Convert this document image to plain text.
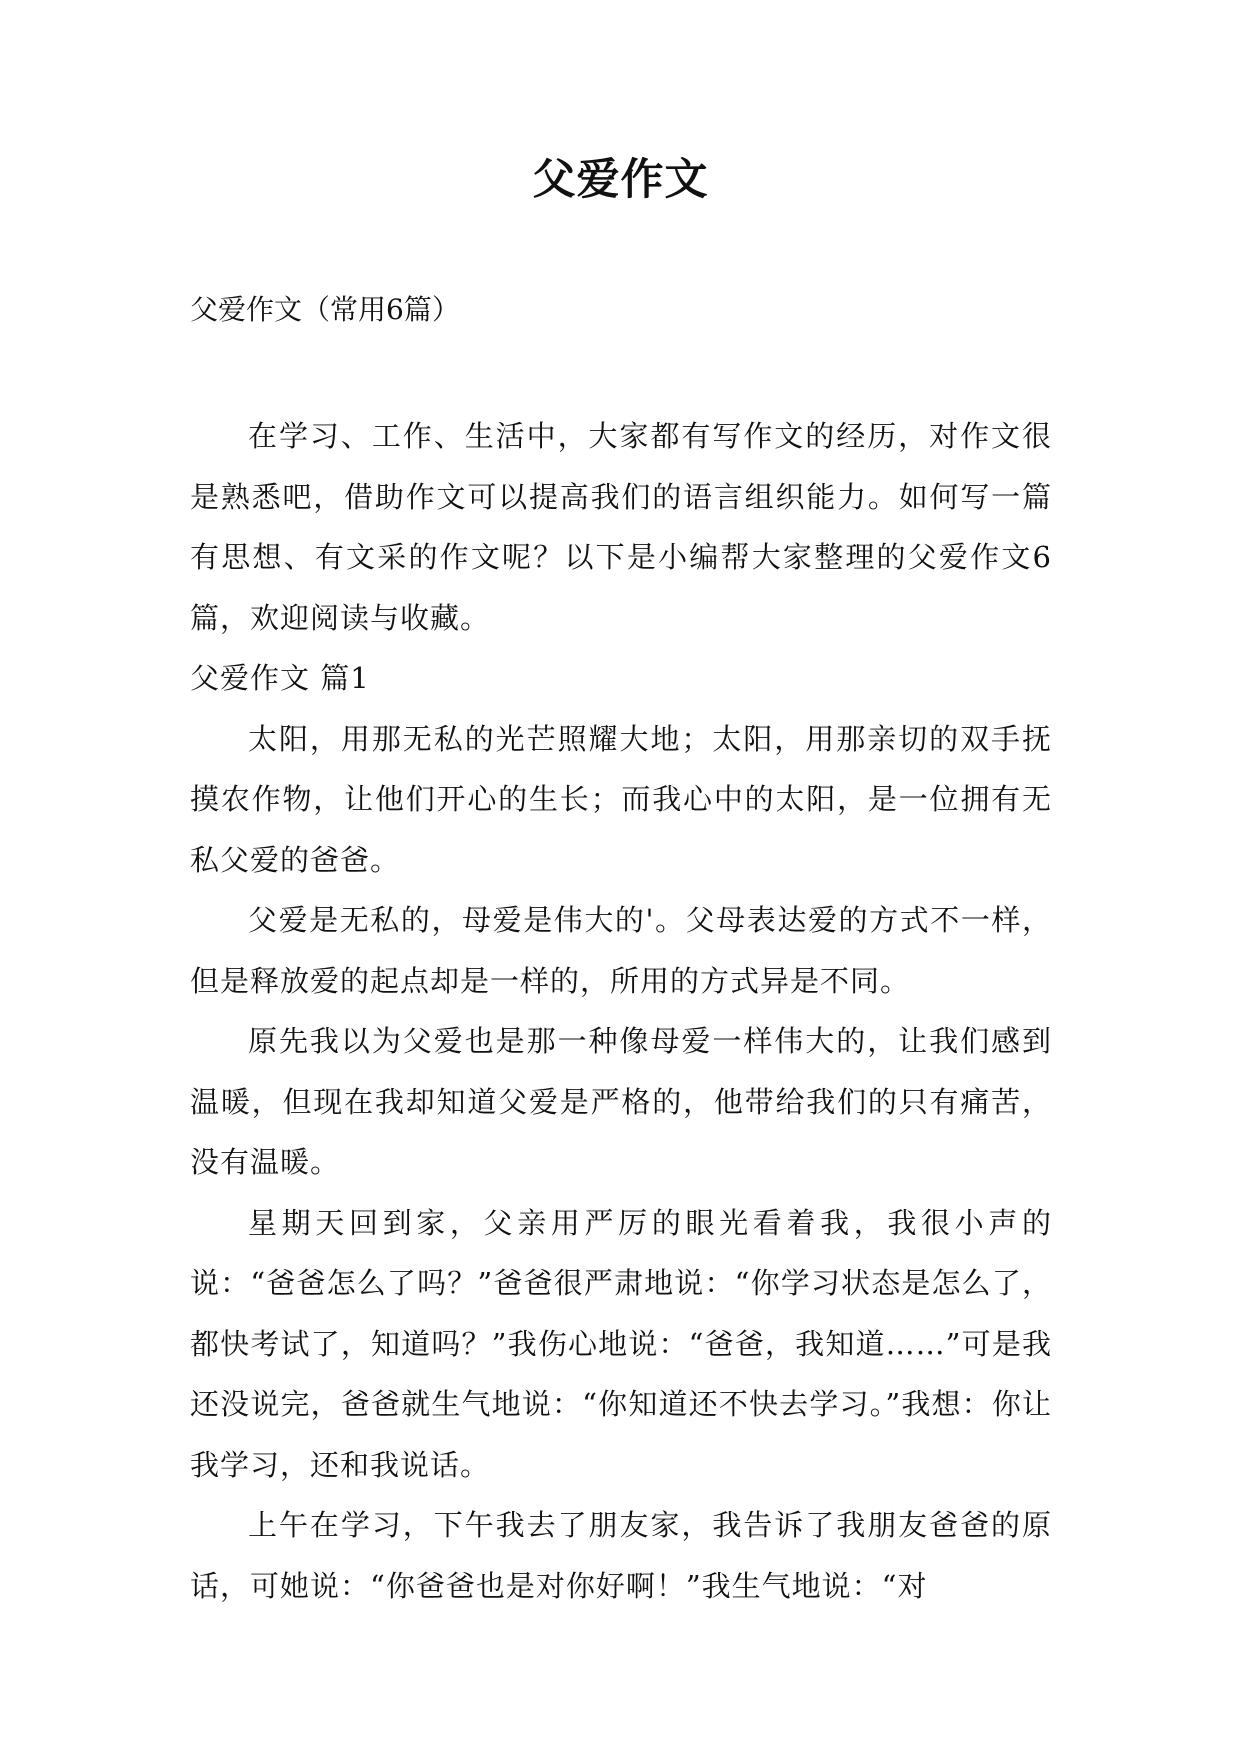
父爱作文
父爱作文（常用6篇）

在学习、工作、生活中，大家都有写作文的经历，对作文很是熟悉吧，借助作文可以提高我们的语言组织能力。如何写一篇有思想、有文采的作文呢？以下是小编帮大家整理的父爱作文6篇，欢迎阅读与收藏。

父爱作文 篇1

太阳，用那无私的光芒照耀大地；太阳，用那亲切的双手抚摸农作物，让他们开心的生长；而我心中的太阳，是一位拥有无私父爱的爸爸。

父爱是无私的，母爱是伟大的'。父母表达爱的方式不一样，但是释放爱的起点却是一样的，所用的方式异是不同。

原先我以为父爱也是那一种像母爱一样伟大的，让我们感到温暖，但现在我却知道父爱是严格的，他带给我们的只有痛苦，没有温暖。

星期天回到家，父亲用严厉的眼光看着我，我很小声的说：“爸爸怎么了吗？”爸爸很严肃地说：“你学习状态是怎么了，都快考试了，知道吗？”我伤心地说：“爸爸，我知道……”可是我还没说完，爸爸就生气地说：“你知道还不快去学习。”我想：你让我学习，还和我说话。

上午在学习，下午我去了朋友家，我告诉了我朋友爸爸的原话，可她说：“你爸爸也是对你好啊！”我生气地说：“对
